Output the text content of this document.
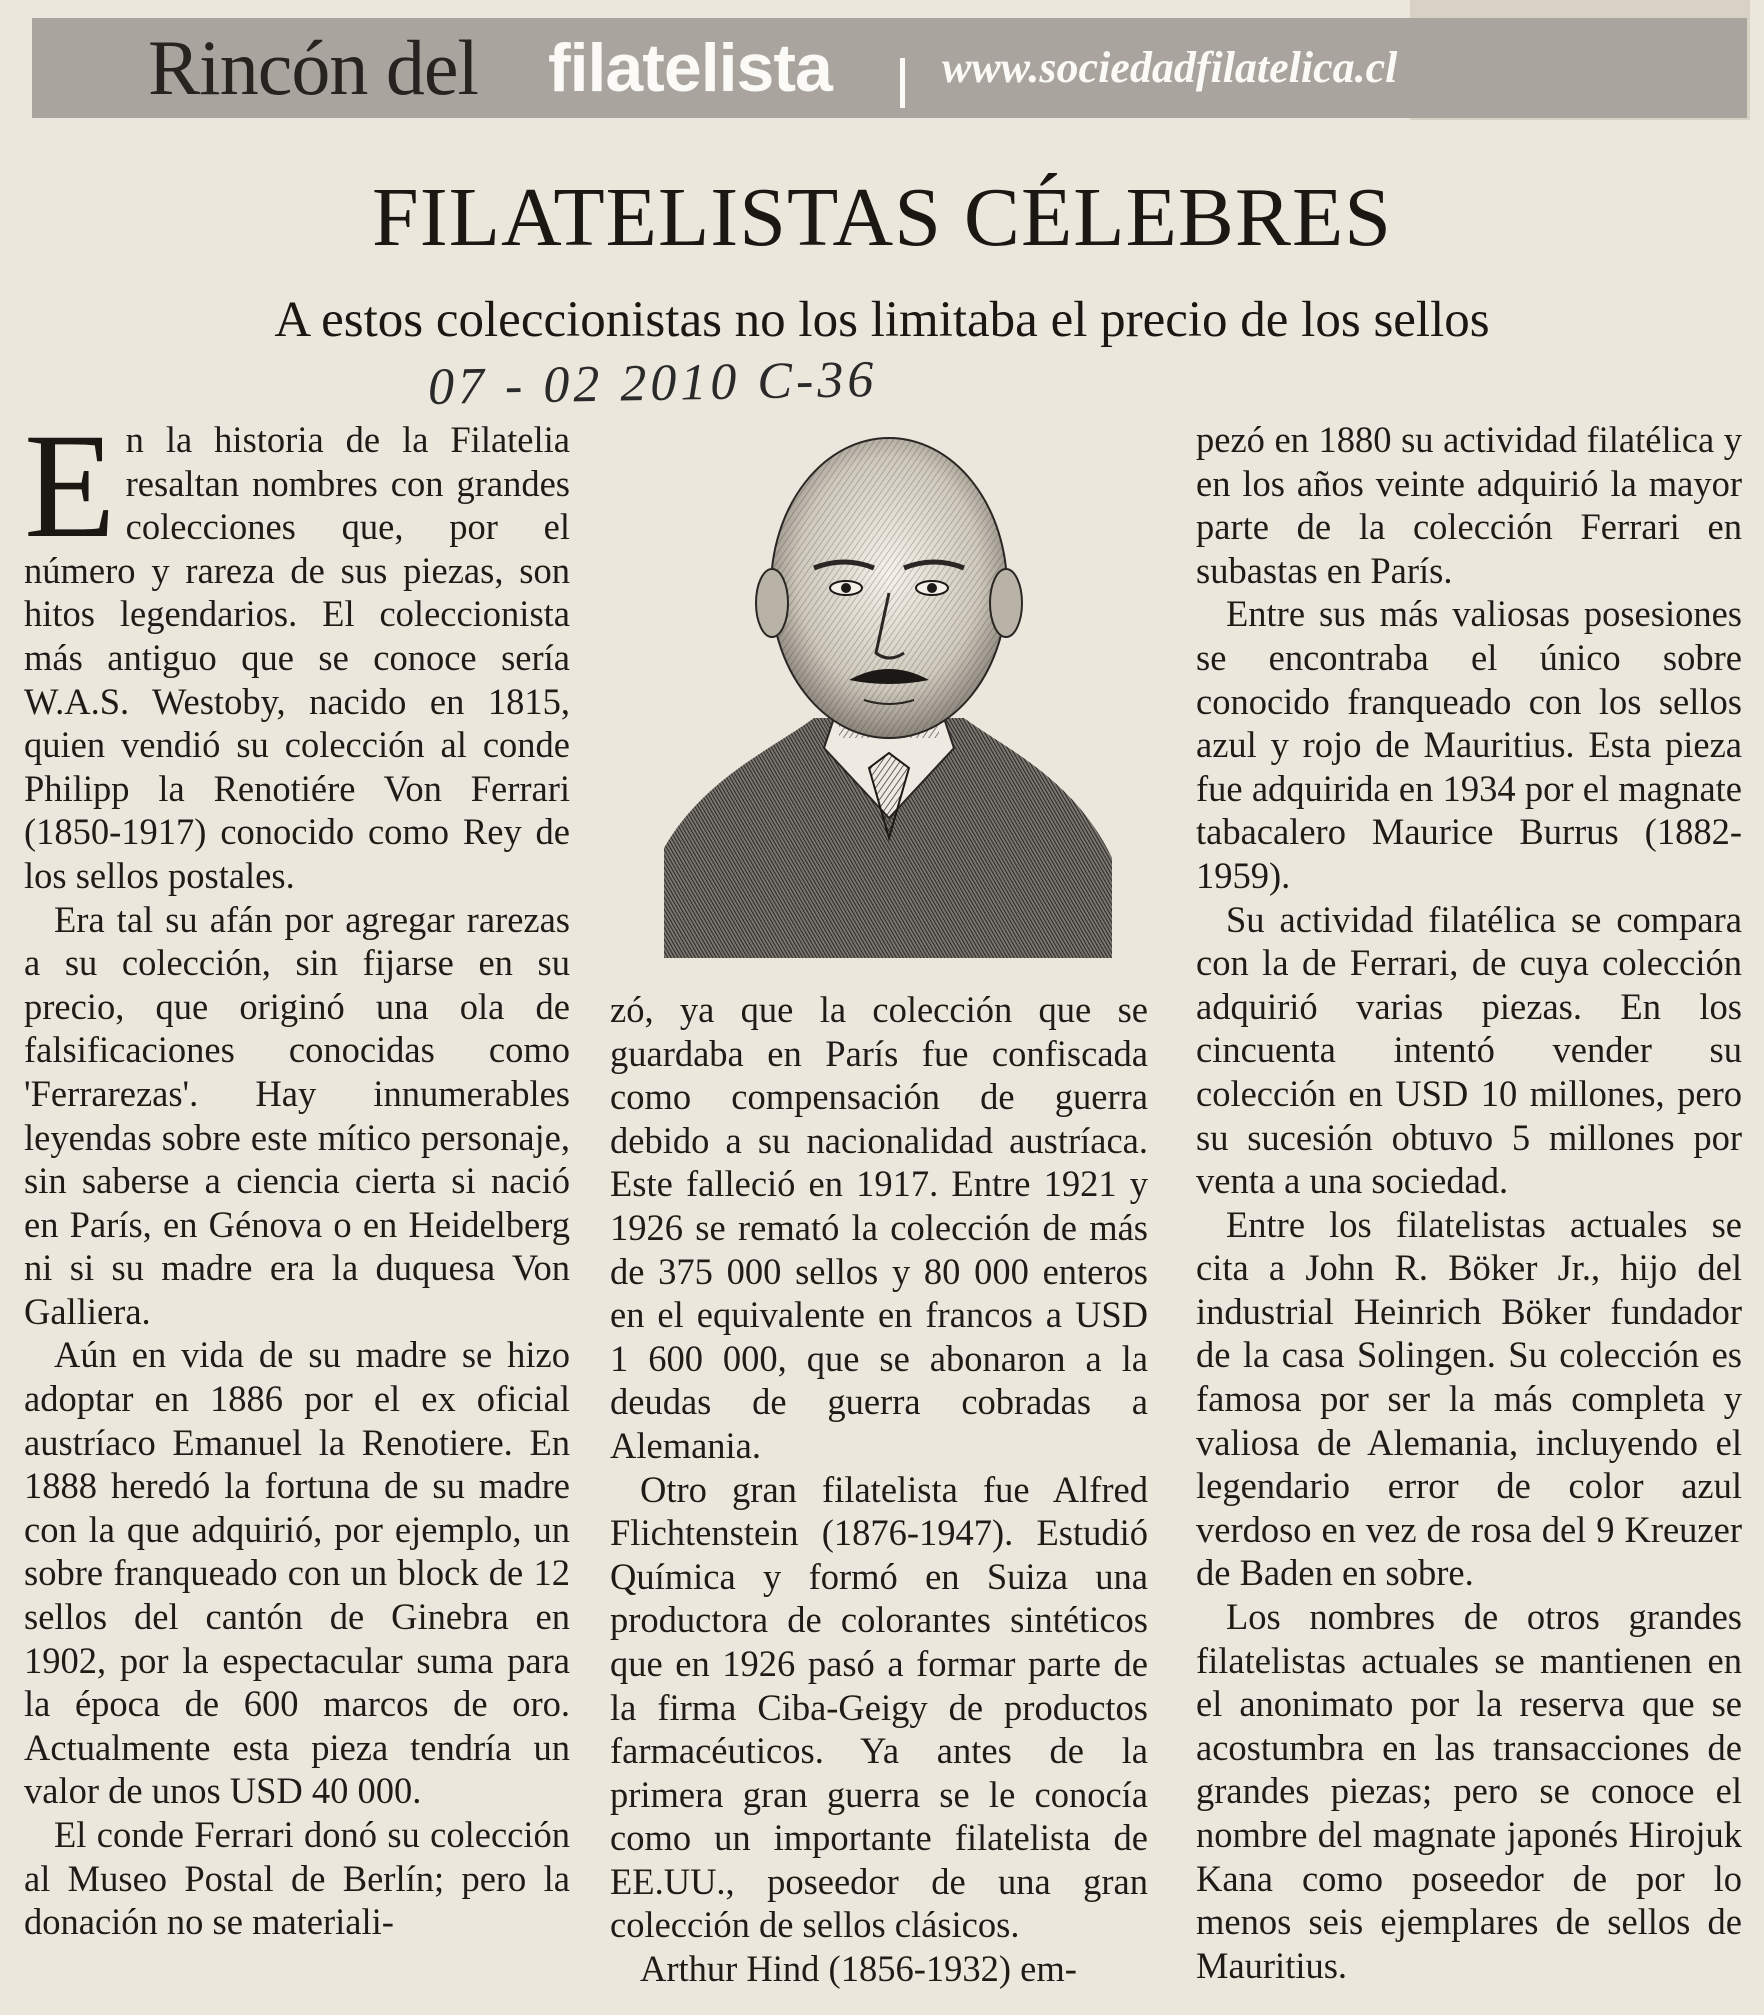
Rincón del filatelista	www.sociedadfilatelica.cl
FILATELISTAS CÉLEBRES
A estos coleccionistas no los limitaba el precio de los sellos
07 - 02 2010 C-36

En la historia de la Filatelia resaltan nombres con grandes colecciones que, por el número y rareza de sus piezas, son hitos legendarios. El coleccionista más antiguo que se conoce sería W.A.S. Westoby, nacido en 1815, quien vendió su colección al conde Philipp la Renotiére Von Ferrari (1850-1917) conocido como Rey de los sellos postales.

Era tal su afán por agregar rarezas a su colección, sin fijarse en su precio, que originó una ola de falsificaciones conocidas como 'Ferrarezas'. Hay innumerables leyendas sobre este mítico personaje, sin saberse a ciencia cierta si nació en París, en Génova o en Heidelberg ni si su madre era la duquesa Von Galliera.

Aún en vida de su madre se hizo adoptar en 1886 por el ex oficial austríaco Emanuel la Renotiere. En 1888 heredó la fortuna de su madre con la que adquirió, por ejemplo, un sobre franqueado con un block de 12 sellos del cantón de Ginebra en 1902, por la espectacular suma para la época de 600 marcos de oro. Actualmente esta pieza tendría un valor de unos USD 40 000.

El conde Ferrari donó su colección al Museo Postal de Berlín; pero la donación no se materiali-

zó, ya que la colección que se guardaba en París fue confiscada como compensación de guerra debido a su nacionalidad austríaca. Este falleció en 1917. Entre 1921 y 1926 se remató la colección de más de 375 000 sellos y 80 000 enteros en el equivalente en francos a USD 1 600 000, que se abonaron a la deudas de guerra cobradas a Alemania.

Otro gran filatelista fue Alfred Flichtenstein (1876-1947). Estudió Química y formó en Suiza una productora de colorantes sintéticos que en 1926 pasó a formar parte de la firma Ciba-Geigy de productos farmacéuticos. Ya antes de la primera gran guerra se le conocía como un importante filatelista de EE.UU., poseedor de una gran colección de sellos clásicos.

Arthur Hind (1856-1932) em-

pezó en 1880 su actividad filatélica y en los años veinte adquirió la mayor parte de la colección Ferrari en subastas en París.

Entre sus más valiosas posesiones se encontraba el único sobre conocido franqueado con los sellos azul y rojo de Mauritius. Esta pieza fue adquirida en 1934 por el magnate tabacalero Maurice Burrus (1882-1959).

Su actividad filatélica se compara con la de Ferrari, de cuya colección adquirió varias piezas. En los cincuenta intentó vender su colección en USD 10 millones, pero su sucesión obtuvo 5 millones por venta a una sociedad.

Entre los filatelistas actuales se cita a John R. Böker Jr., hijo del industrial Heinrich Böker fundador de la casa Solingen. Su colección es famosa por ser la más completa y valiosa de Alemania, incluyendo el legendario error de color azul verdoso en vez de rosa del 9 Kreuzer de Baden en sobre.

Los nombres de otros grandes filatelistas actuales se mantienen en el anonimato por la reserva que se acostumbra en las transacciones de grandes piezas; pero se conoce el nombre del magnate japonés Hirojuk Kana como poseedor de por lo menos seis ejemplares de sellos de Mauritius.
